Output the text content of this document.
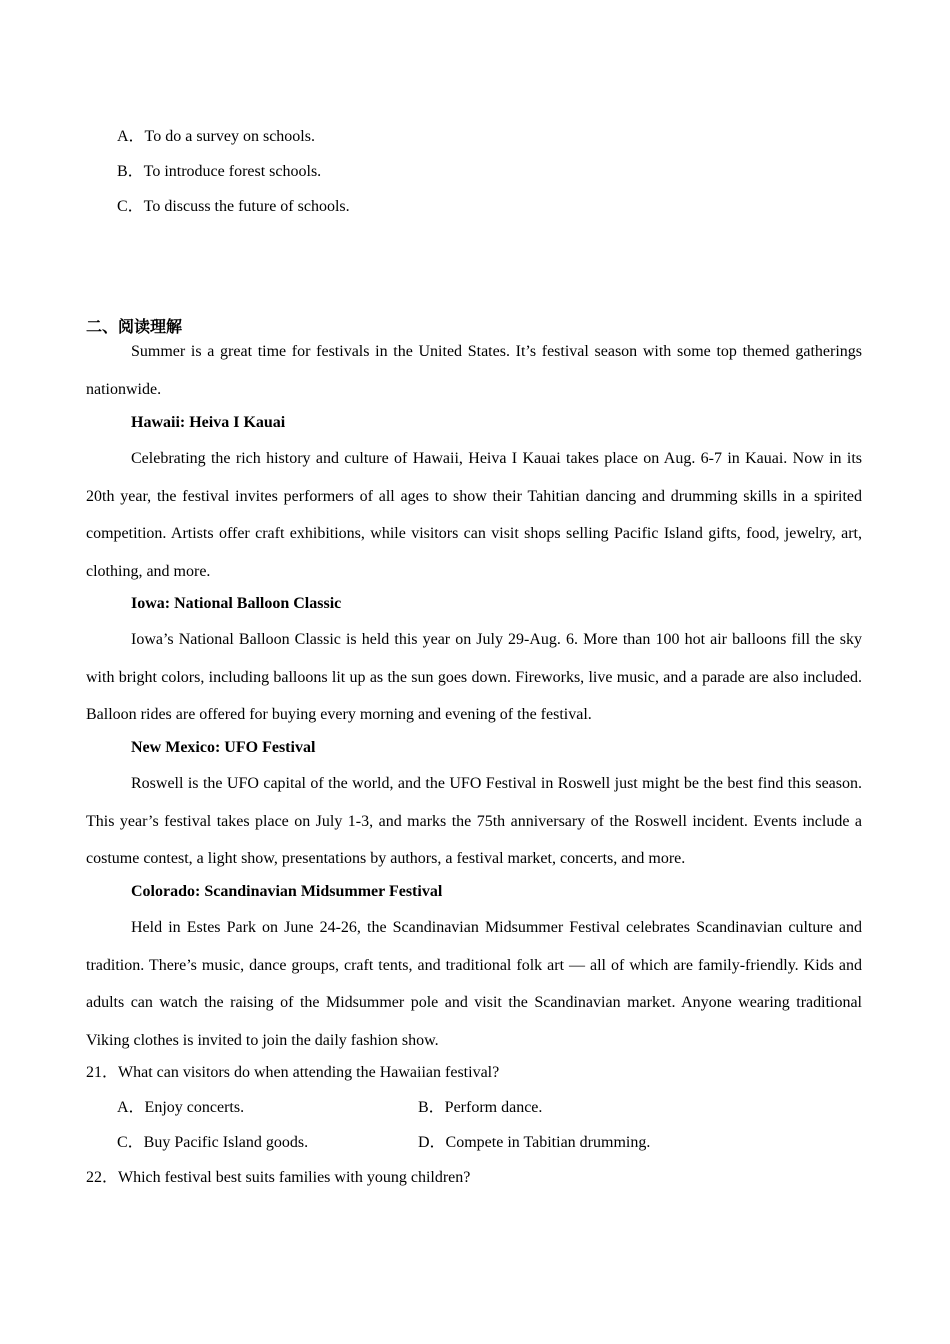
A．To do a survey on schools.
B．To introduce forest schools.
C．To discuss the future of schools.
二、阅读理解
Summer is a great time for festivals in the United States. It’s festival season with some top themed gatherings nationwide.
Hawaii: Heiva I Kauai
Celebrating the rich history and culture of Hawaii, Heiva I Kauai takes place on Aug. 6-7 in Kauai. Now in its 20th year, the festival invites performers of all ages to show their Tahitian dancing and drumming skills in a spirited competition. Artists offer craft exhibitions, while visitors can visit shops selling Pacific Island gifts, food, jewelry, art, clothing, and more.
Iowa: National Balloon Classic
Iowa’s National Balloon Classic is held this year on July 29-Aug. 6. More than 100 hot air balloons fill the sky with bright colors, including balloons lit up as the sun goes down. Fireworks, live music, and a parade are also included. Balloon rides are offered for buying every morning and evening of the festival.
New Mexico: UFO Festival
Roswell is the UFO capital of the world, and the UFO Festival in Roswell just might be the best find this season. This year’s festival takes place on July 1-3, and marks the 75th anniversary of the Roswell incident. Events include a costume contest, a light show, presentations by authors, a festival market, concerts, and more.
Colorado: Scandinavian Midsummer Festival
Held in Estes Park on June 24-26, the Scandinavian Midsummer Festival celebrates Scandinavian culture and tradition. There’s music, dance groups, craft tents, and traditional folk art — all of which are family-friendly. Kids and adults can watch the raising of the Midsummer pole and visit the Scandinavian market. Anyone wearing traditional Viking clothes is invited to join the daily fashion show.
21．What can visitors do when attending the Hawaiian festival?
A．Enjoy concerts.	B．Perform dance.
C．Buy Pacific Island goods.	D．Compete in Tabitian drumming.
22．Which festival best suits families with young children?
